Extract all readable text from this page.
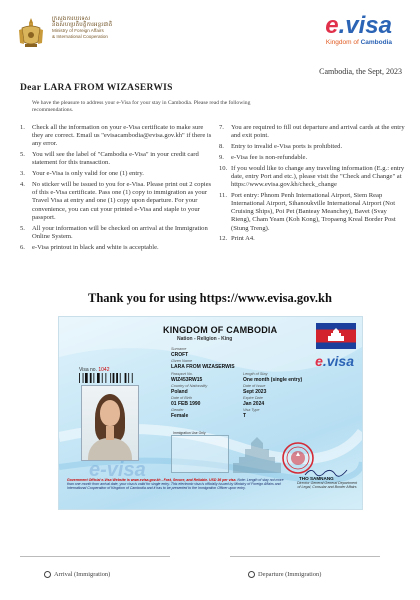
ក្រសួងការបរទេស
និងសហប្រតិបត្តិការអន្តរជាតិ
Ministry of Foreign Affairs
& International Cooperation	e.visa
Kingdom of Cambodia
Cambodia, the Sept, 2023
Dear LARA FROM WIZASERWIS
We have the pleasure to address your e-Visa for your stay in Cambodia. Please read the following recommendations.
1. Check all the information on your e-Visa certificate to make sure they are correct. Email us "evisacambodia@evisa.gov.kh" if there is any error.
5. You will see the label of "Cambodia e-Visa" in your credit card statement for this transaction.
3. Your e-Visa is only valid for one (1) entry.
4. No sticker will be issued to you for e-Visa. Please print out 2 copies of this e-Visa certificate. Pass one (1) copy to immigration as your Travel Visa at entry and one (1) copy upon departure. For your convenience, you can cut your printed e-Visa and staple to your passport.
5. All your information will be checked on arrival at the Immigration Online System.
6. e-Visa printout in black and white is acceptable.
7. You are required to fill out departure and arrival cards at the entry and exit point.
8. Entry to invalid e-Visa ports is prohibited.
9. e-Visa fee is non-refundable.
10. If you would like to change any traveling information (E.g.: entry date, entry Port and etc.), please visit the "Check and Change" at https://www.evisa.gov.kh/check_change
11. Port entry: Phnom Penh International Airport, Siem Reap International Airport, Sihanoukville International Airport (Not Cruising Ships), Poi Pet (Banteay Meanchey), Bavet (Svay Rieng), Cham Yeam (Koh Kong), Tropaeng Kreal Border Post (Stung Treng).
12. Print A4.
Thank you for using https://www.evisa.gov.kh
KINGDOM OF CAMBODIA
Nation - Religion - King
e.visa
Visa no. 1042
e-visa
Surname
CROFT
Given Name
LARA FROM WIZASERWIS
Passport No.
WIZ453RW15
Country of Nationality
Poland
Date of Birth
01 FEB 1990
Gender
Female
Length of Stay
One month (single entry)
Date of Issue
Sept 2023
Expire Date
Jan 2024
Visa Type
T
Immigration Use Only
THO SAMNANG
Director General General Department of Legal, Consular and Border Affairs
Government Official e-Visa Website is www.evisa.gov.kh - Fast, Secure, and Reliable. USD 36 per visa. Note: Length of stay not more than one month from arrival date, your visa is valid for single entry. This electronic visa is officially issued by Ministry of Foreign Affairs and International Cooperation of Kingdom of Cambodia and it has to be presented to the Immigration Officer upon entry.
Arrival (Immigration)	Departure (Immigration)
